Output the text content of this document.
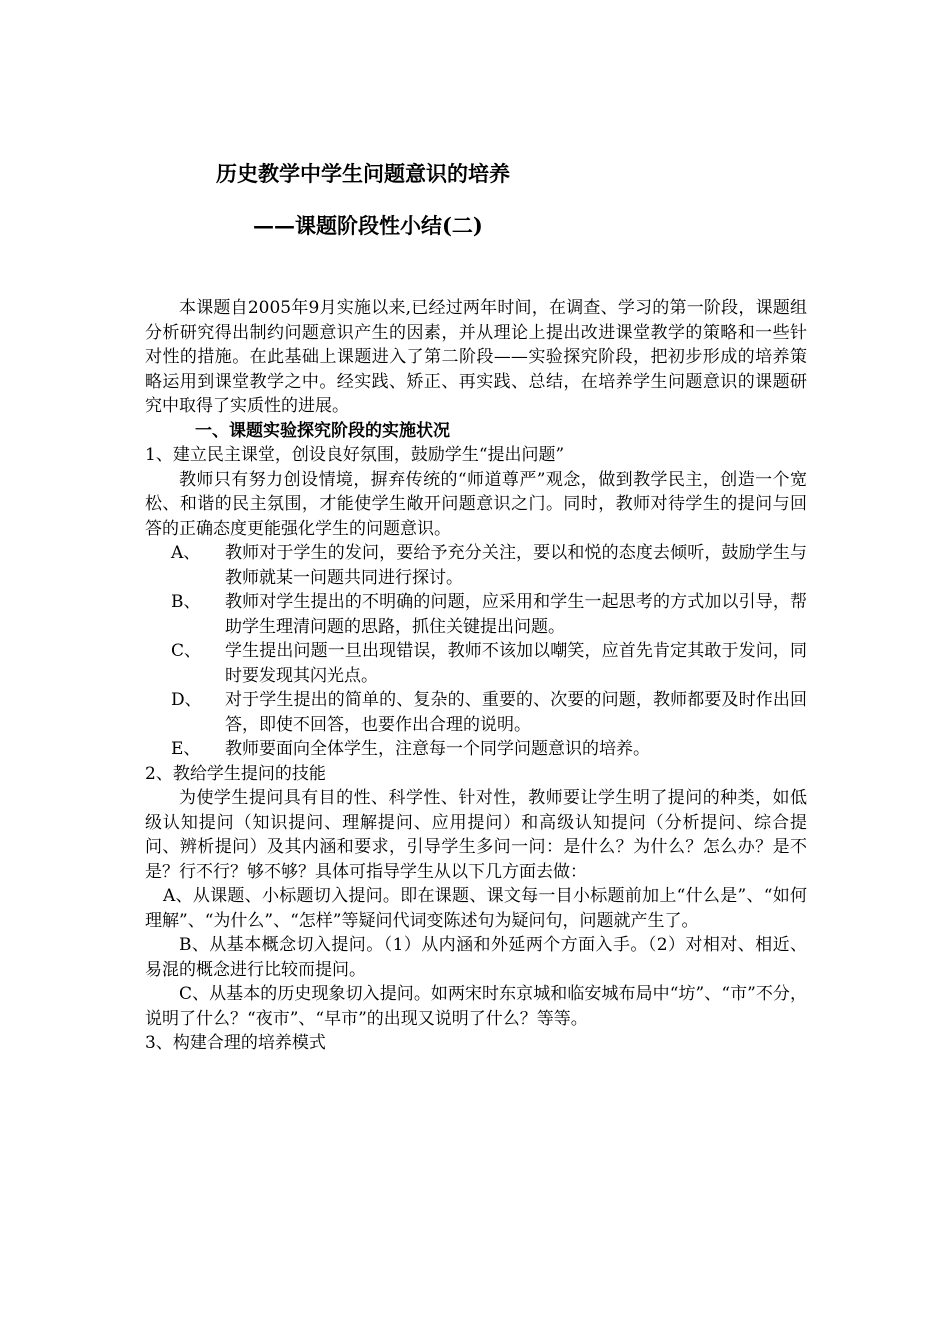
历史教学中学生问题意识的培养
——课题阶段性小结(二)

本课题自2005年9月实施以来,已经过两年时间，在调查、学习的第一阶段，课题组分析研究得出制约问题意识产生的因素，并从理论上提出改进课堂教学的策略和一些针对性的措施。在此基础上课题进入了第二阶段——实验探究阶段，把初步形成的培养策略运用到课堂教学之中。经实践、矫正、再实践、总结，在培养学生问题意识的课题研究中取得了实质性的进展。

一、课题实验探究阶段的实施状况

1、建立民主课堂，创设良好氛围，鼓励学生“提出问题”

教师只有努力创设情境，摒弃传统的“师道尊严”观念，做到教学民主，创造一个宽松、和谐的民主氛围，才能使学生敞开问题意识之门。同时，教师对待学生的提问与回答的正确态度更能强化学生的问题意识。

A、	教师对于学生的发问，要给予充分关注，要以和悦的态度去倾听，鼓励学生与教师就某一问题共同进行探讨。
B、	教师对学生提出的不明确的问题，应采用和学生一起思考的方式加以引导，帮助学生理清问题的思路，抓住关键提出问题。
C、	学生提出问题一旦出现错误，教师不该加以嘲笑，应首先肯定其敢于发问，同时要发现其闪光点。
D、	对于学生提出的简单的、复杂的、重要的、次要的问题，教师都要及时作出回答，即使不回答，也要作出合理的说明。
E、	教师要面向全体学生，注意每一个同学问题意识的培养。

2、教给学生提问的技能

为使学生提问具有目的性、科学性、针对性，教师要让学生明了提问的种类，如低级认知提问（知识提问、理解提问、应用提问）和高级认知提问（分析提问、综合提问、辨析提问）及其内涵和要求，引导学生多问一问：是什么？为什么？怎么办？是不是？行不行？够不够？具体可指导学生从以下几方面去做：

A、从课题、小标题切入提问。即在课题、课文每一目小标题前加上“什么是”、“如何理解”、“为什么”、“怎样”等疑问代词变陈述句为疑问句，问题就产生了。

B、从基本概念切入提问。（1）从内涵和外延两个方面入手。（2）对相对、相近、易混的概念进行比较而提问。

C、从基本的历史现象切入提问。如两宋时东京城和临安城布局中“坊”、“市”不分，说明了什么？“夜市”、“早市”的出现又说明了什么？等等。

3、构建合理的培养模式
